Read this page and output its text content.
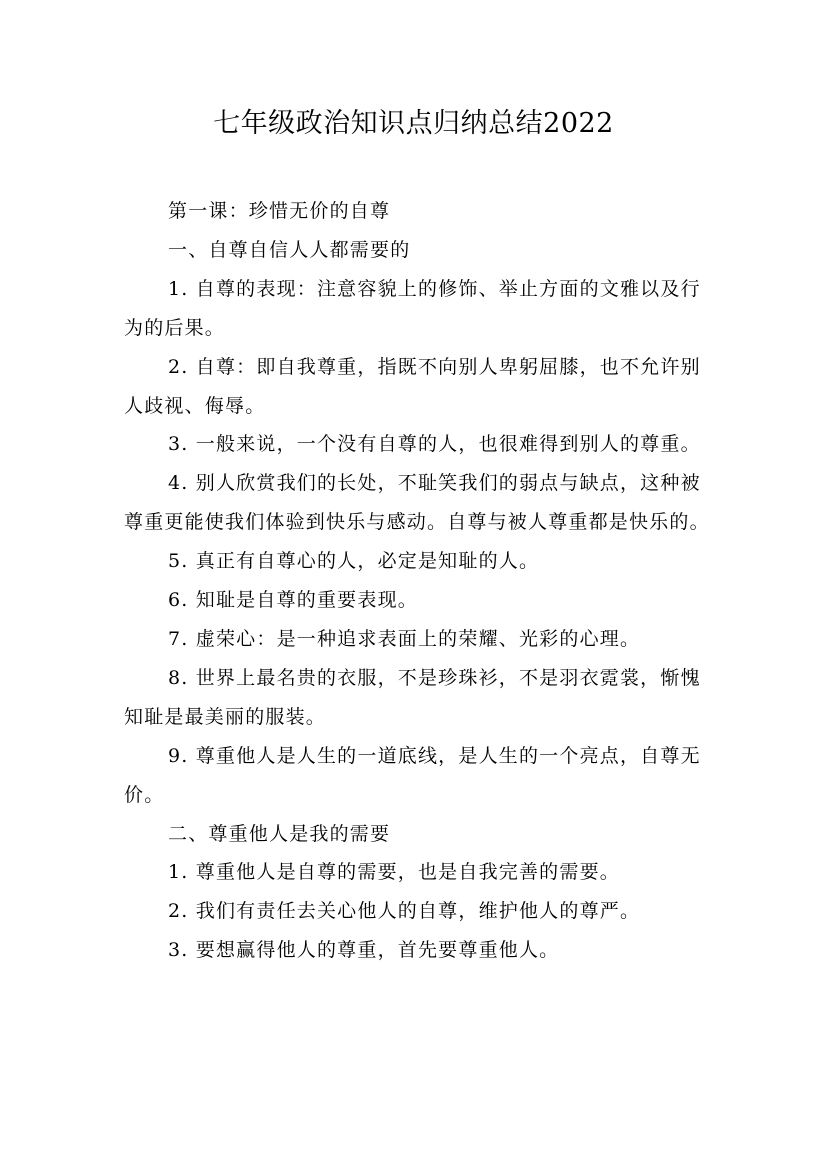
七年级政治知识点归纳总结2022

第一课：珍惜无价的自尊

一、自尊自信人人都需要的

1. 自尊的表现：注意容貌上的修饰、举止方面的文雅以及行为的后果。

2. 自尊：即自我尊重，指既不向别人卑躬屈膝，也不允许别人歧视、侮辱。

3. 一般来说，一个没有自尊的人，也很难得到别人的尊重。

4. 别人欣赏我们的长处，不耻笑我们的弱点与缺点，这种被尊重更能使我们体验到快乐与感动。自尊与被人尊重都是快乐的。

5. 真正有自尊心的人，必定是知耻的人。

6. 知耻是自尊的重要表现。

7. 虚荣心：是一种追求表面上的荣耀、光彩的心理。

8. 世界上最名贵的衣服，不是珍珠衫，不是羽衣霓裳，惭愧知耻是最美丽的服装。

9. 尊重他人是人生的一道底线，是人生的一个亮点，自尊无价。

二、尊重他人是我的需要

1. 尊重他人是自尊的需要，也是自我完善的需要。

2. 我们有责任去关心他人的自尊，维护他人的尊严。

3. 要想赢得他人的尊重，首先要尊重他人。
